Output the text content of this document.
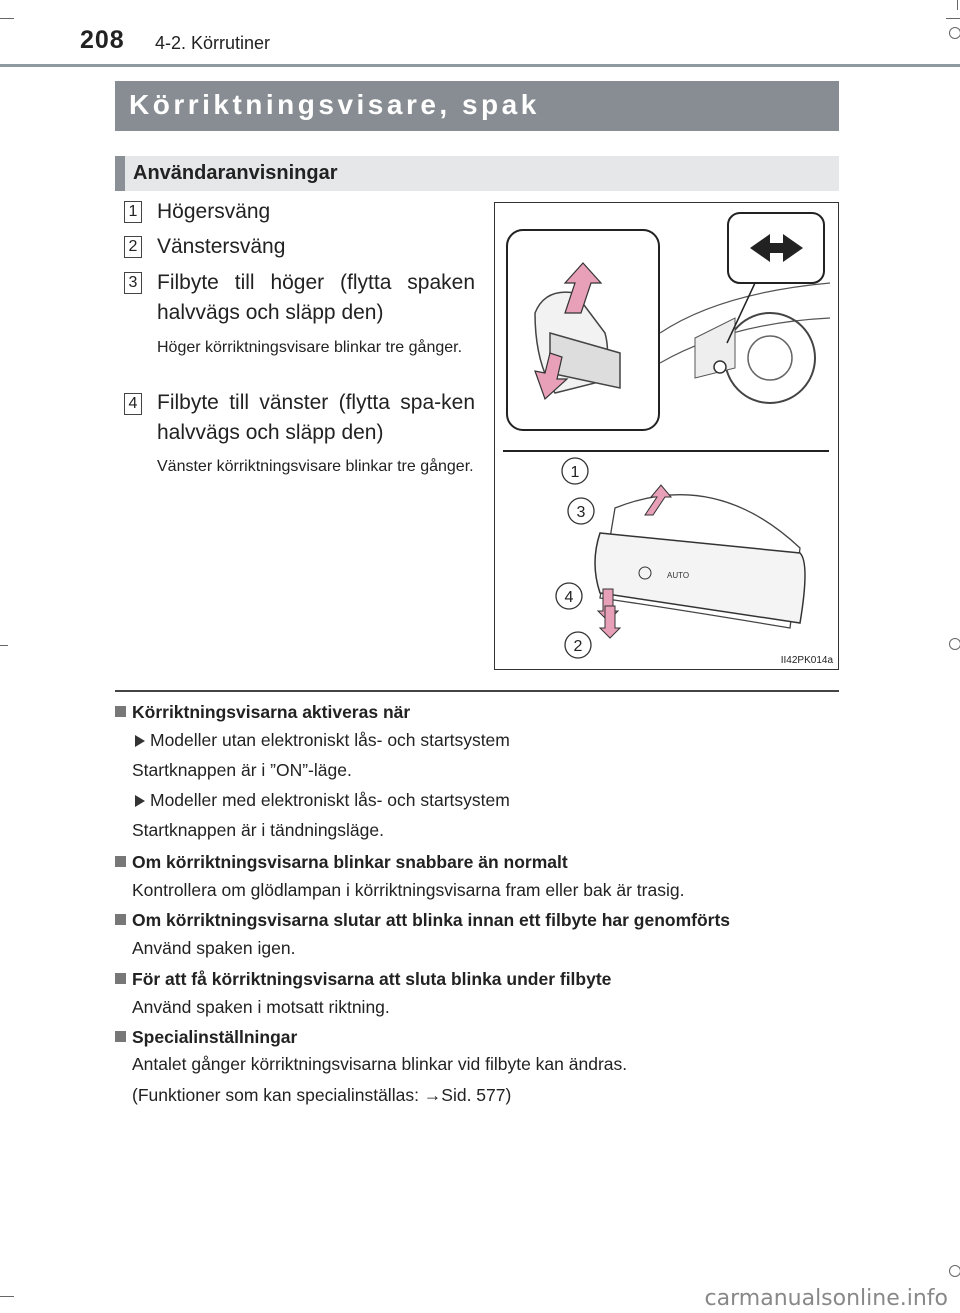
208 4-2. Körrutiner
Körriktningsvisare, spak
Användaranvisningar
1 Högersväng
2 Vänstersväng
3 Filbyte till höger (flytta spaken halvvägs och släpp den)
Höger körriktningsvisare blinkar tre gånger.
4 Filbyte till vänster (flytta spa-ken halvvägs och släpp den)
Vänster körriktningsvisare blinkar tre gånger.
AUTO
1
3
4
2
II42PK014a
Körriktningsvisarna aktiveras när
Modeller utan elektroniskt lås- och startsystem
Startknappen är i ”ON”-läge.
Modeller med elektroniskt lås- och startsystem
Startknappen är i tändningsläge.
Om körriktningsvisarna blinkar snabbare än normalt
Kontrollera om glödlampan i körriktningsvisarna fram eller bak är trasig.
Om körriktningsvisarna slutar att blinka innan ett filbyte har genomförts
Använd spaken igen.
För att få körriktningsvisarna att sluta blinka under filbyte
Använd spaken i motsatt riktning.
Specialinställningar
Antalet gånger körriktningsvisarna blinkar vid filbyte kan ändras.
(Funktioner som kan specialinställas: →Sid. 577)
carmanualsonline.info
